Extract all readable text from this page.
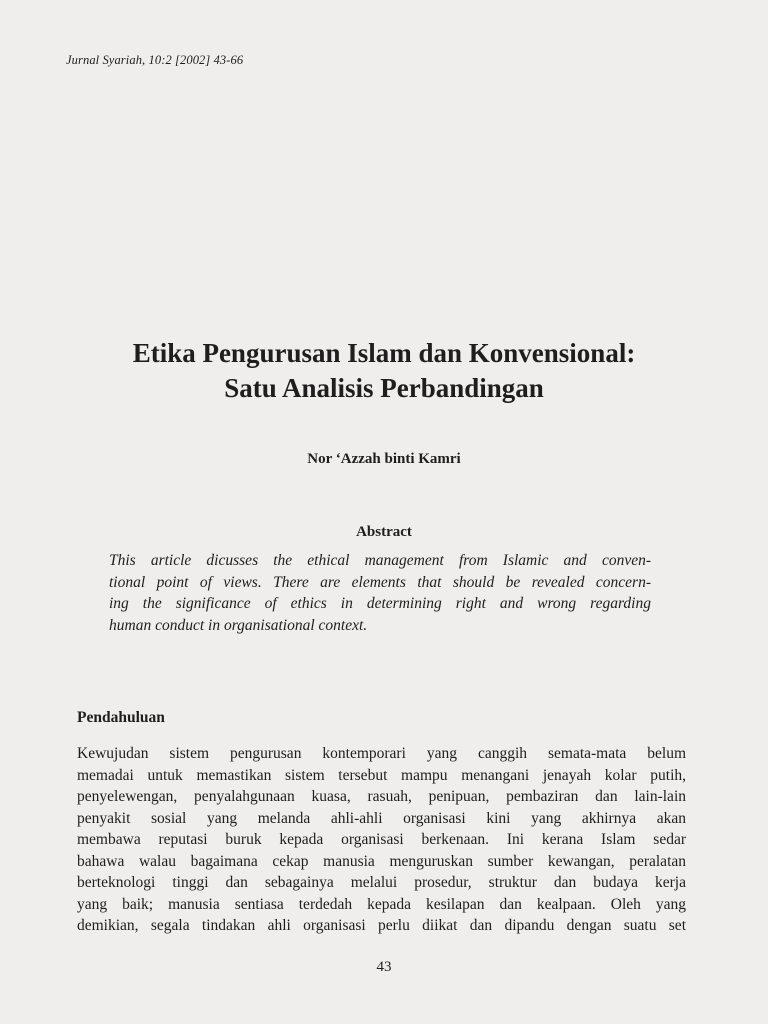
Jurnal Syariah, 10:2 [2002] 43-66
Etika Pengurusan Islam dan Konvensional:
Satu Analisis Perbandingan
Nor ‘Azzah binti Kamri
Abstract
This article dicusses the ethical management from Islamic and conven-
tional point of views. There are elements that should be revealed concern-
ing the significance of ethics in determining right and wrong regarding
human conduct in organisational context.
Pendahuluan
Kewujudan sistem pengurusan kontemporari yang canggih semata-mata belum
memadai untuk memastikan sistem tersebut mampu menangani jenayah kolar putih,
penyelewengan, penyalahgunaan kuasa, rasuah, penipuan, pembaziran dan lain-lain
penyakit sosial yang melanda ahli-ahli organisasi kini yang akhirnya akan
membawa reputasi buruk kepada organisasi berkenaan. Ini kerana Islam sedar
bahawa walau bagaimana cekap manusia menguruskan sumber kewangan, peralatan
berteknologi tinggi dan sebagainya melalui prosedur, struktur dan budaya kerja
yang baik; manusia sentiasa terdedah kepada kesilapan dan kealpaan. Oleh yang
demikian, segala tindakan ahli organisasi perlu diikat dan dipandu dengan suatu set
43
